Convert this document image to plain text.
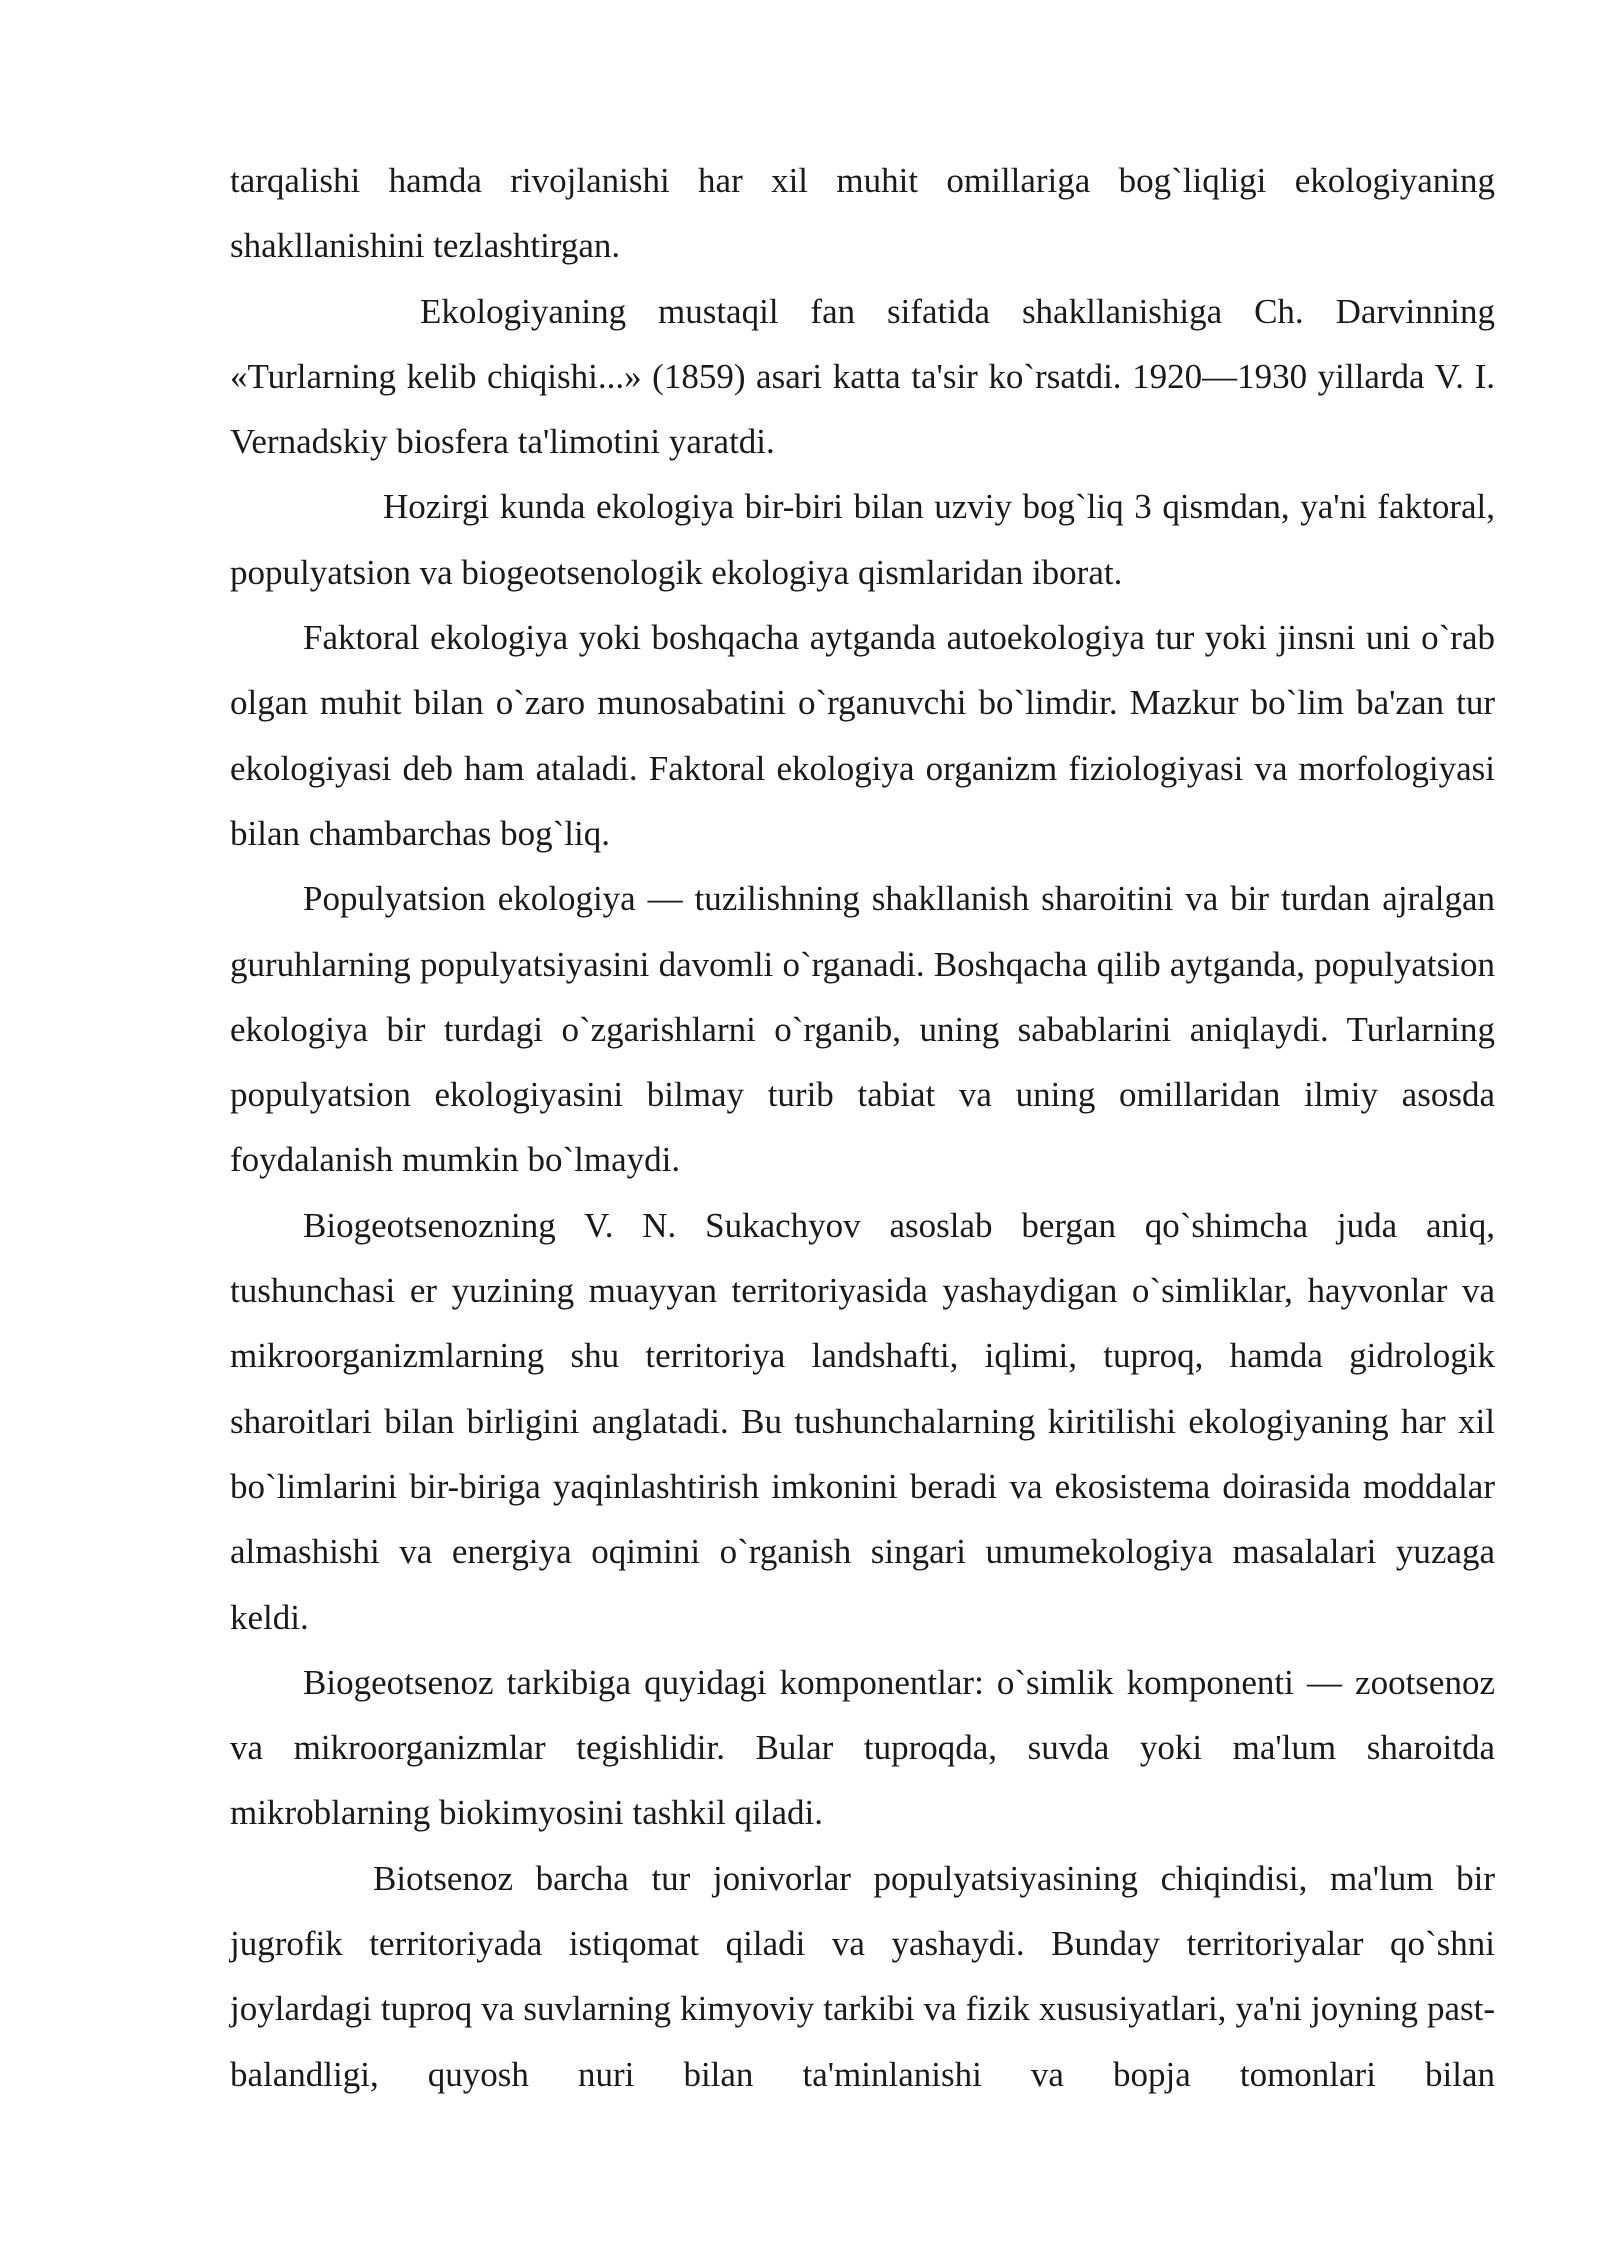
tarqalishi hamda rivojlanishi har xil muhit omillariga bog`liqligi ekologiyaning shakllanishini tezlashtirgan.

Ekologiyaning mustaqil fan sifatida shakllanishiga Ch. Darvinning «Turlarning kelib chiqishi...» (1859) asari katta ta'sir ko`rsatdi. 1920—1930 yillarda V. I. Vernadskiy biosfera ta'limotini yaratdi.

Hozirgi kunda ekologiya bir-biri bilan uzviy bog`liq 3 qismdan, ya'ni faktoral, populyatsion va biogeotsenologik ekologiya qismlaridan iborat.

Faktoral ekologiya yoki boshqacha aytganda autoekologiya tur yoki jinsni uni o`rab olgan muhit bilan o`zaro munosabatini o`rganuvchi bo`limdir. Mazkur bo`lim ba'zan tur ekologiyasi deb ham ataladi. Faktoral ekologiya organizm fiziologiyasi va morfologiyasi bilan chambarchas bog`liq.

Populyatsion ekologiya — tuzilishning shakllanish sharoitini va bir turdan ajralgan guruhlarning populyatsiyasini davomli o`rganadi. Boshqacha qilib aytganda, populyatsion ekologiya bir turdagi o`zgarishlarni o`rganib, uning sabablarini aniqlaydi. Turlarning populyatsion ekologiyasini bilmay turib tabiat va uning omillaridan ilmiy asosda foydalanish mumkin bo`lmaydi.

Biogeotsenozning V. N. Sukachyov asoslab bergan qo`shimcha juda aniq, tushunchasi er yuzining muayyan territoriyasida yashaydigan o`simliklar, hayvonlar va mikroorganizmlarning shu territoriya landshafti, iqlimi, tuproq, hamda gidrologik sharoitlari bilan birligini anglatadi. Bu tushunchalarning kiritilishi ekologiyaning har xil bo`limlarini bir-biriga yaqinlashtirish imkonini beradi va ekosistema doirasida moddalar almashishi va energiya oqimini o`rganish singari umumekologiya masalalari yuzaga keldi.

Biogeotsenoz tarkibiga quyidagi komponentlar: o`simlik komponenti — zootsenoz va mikroorganizmlar tegishlidir. Bular tuproqda, suvda yoki ma'lum sharoitda mikroblarning biokimyosini tashkil qiladi.

Biotsenoz barcha tur jonivorlar populyatsiyasining chiqindisi, ma'lum bir jugrofik territoriyada istiqomat qiladi va yashaydi. Bunday territoriyalar qo`shni joylardagi tuproq va suvlarning kimyoviy tarkibi va fizik xususiyatlari, ya'ni joyning past-balandligi, quyosh nuri bilan ta'minlanishi va bopja tomonlari bilan
